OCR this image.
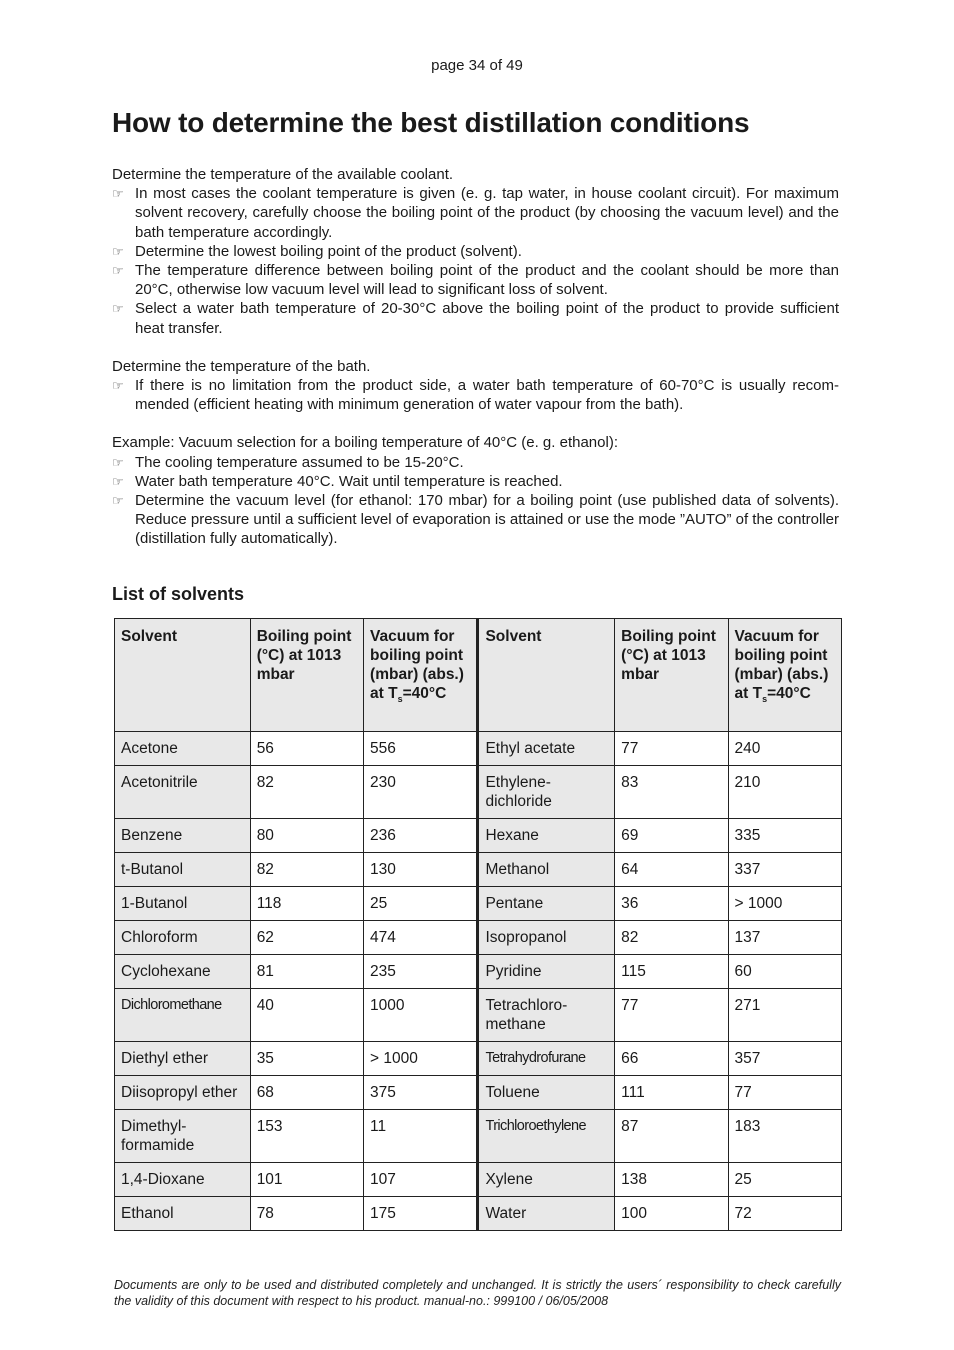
page 34 of 49
How to determine the best distillation conditions

Determine the temperature of the available coolant.

☞ In most cases the coolant temperature is given (e. g. tap water, in house coolant circuit). For maximum solvent recovery, carefully choose the boiling point of the product (by choosing the vacuum level) and the bath temperature accordingly.
☞ Determine the lowest boiling point of the product (solvent).
☞ The temperature difference between boiling point of the product and the coolant should be more than 20°C, otherwise low vacuum level will lead to significant loss of solvent.
☞ Select a water bath temperature of 20-30°C above the boiling point of the product to provide sufficient heat transfer.

Determine the temperature of the bath.

☞ If there is no limitation from the product side, a water bath temperature of 60-70°C is usually recom-mended (efficient heating with minimum generation of water vapour from the bath).

Example: Vacuum selection for a boiling temperature of 40°C (e. g. ethanol):

☞ The cooling temperature assumed to be 15-20°C.
☞ Water bath temperature 40°C. Wait until temperature is reached.
☞ Determine the vacuum level (for ethanol: 170 mbar) for a boiling point (use published data of solvents). Reduce pressure until a sufficient level of evaporation is attained or use the mode ”AUTO” of the controller (distillation fully automatically).
List of solvents
Solvent	Boiling point (°C) at 1013 mbar	Vacuum for boiling point (mbar) (abs.) at $T_s=40^\circ C$	Solvent	Boiling point (°C) at 1013 mbar	Vacuum for boiling point (mbar) (abs.) at $T_s=40^\circ C$
Acetone	56	556	Ethyl acetate	77	240
Acetonitrile	82	230	Ethylene-dichloride	83	210
Benzene	80	236	Hexane	69	335
t-Butanol	82	130	Methanol	64	337
1-Butanol	118	25	Pentane	36	> 1000
Chloroform	62	474	Isopropanol	82	137
Cyclohexane	81	235	Pyridine	115	60
Dichloromethane	40	1000	Tetrachloro-methane	77	271
Diethyl ether	35	> 1000	Tetrahydrofurane	66	357
Diisopropyl ether	68	375	Toluene	111	77
Dimethyl-formamide	153	11	Trichloroethylene	87	183
1,4-Dioxane	101	107	Xylene	138	25
Ethanol	78	175	Water	100	72
Documents are only to be used and distributed completely and unchanged. It is strictly the users´ responsibility to check carefully the validity of this document with respect to his product. manual-no.: 999100 / 06/05/2008
